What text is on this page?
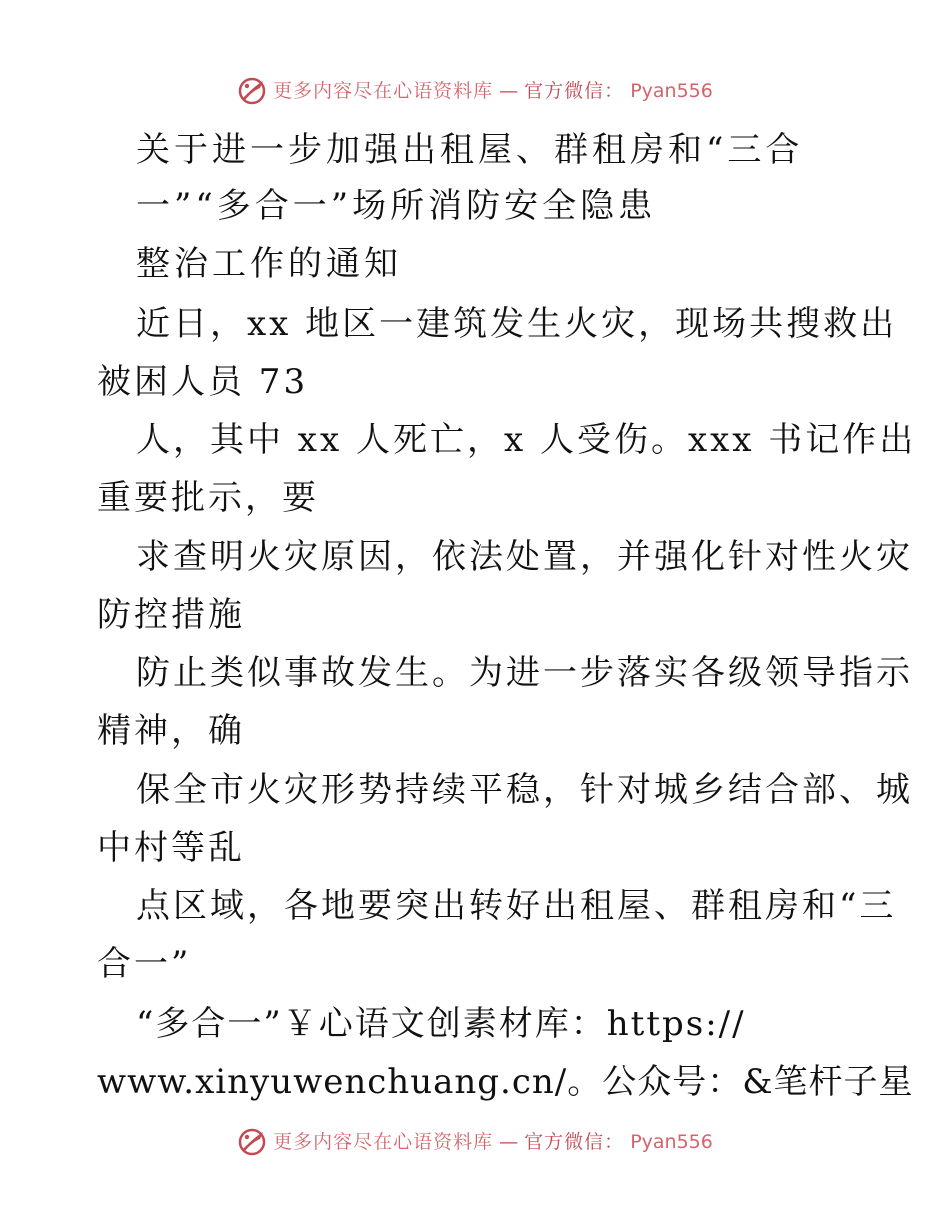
更多内容尽在心语资料库 — 官方微信： Pyan556
关于进一步加强出租屋、群租房和“三合
一”“多合一”场所消防安全隐患
整治工作的通知
近日，xx 地区一建筑发生火灾，现场共搜救出
被困人员 73
人，其中 xx 人死亡，x 人受伤。xxx 书记作出
重要批示，要
求查明火灾原因，依法处置，并强化针对性火灾
防控措施
防止类似事故发生。为进一步落实各级领导指示
精神，确
保全市火灾形势持续平稳，针对城乡结合部、城
中村等乱
点区域，各地要突出转好出租屋、群租房和“三
合一”
“多合一”￥心语文创素材库：https://
www.xinyuwenchuang.cn/。公众号：&笔杆子星
更多内容尽在心语资料库 — 官方微信： Pyan556
